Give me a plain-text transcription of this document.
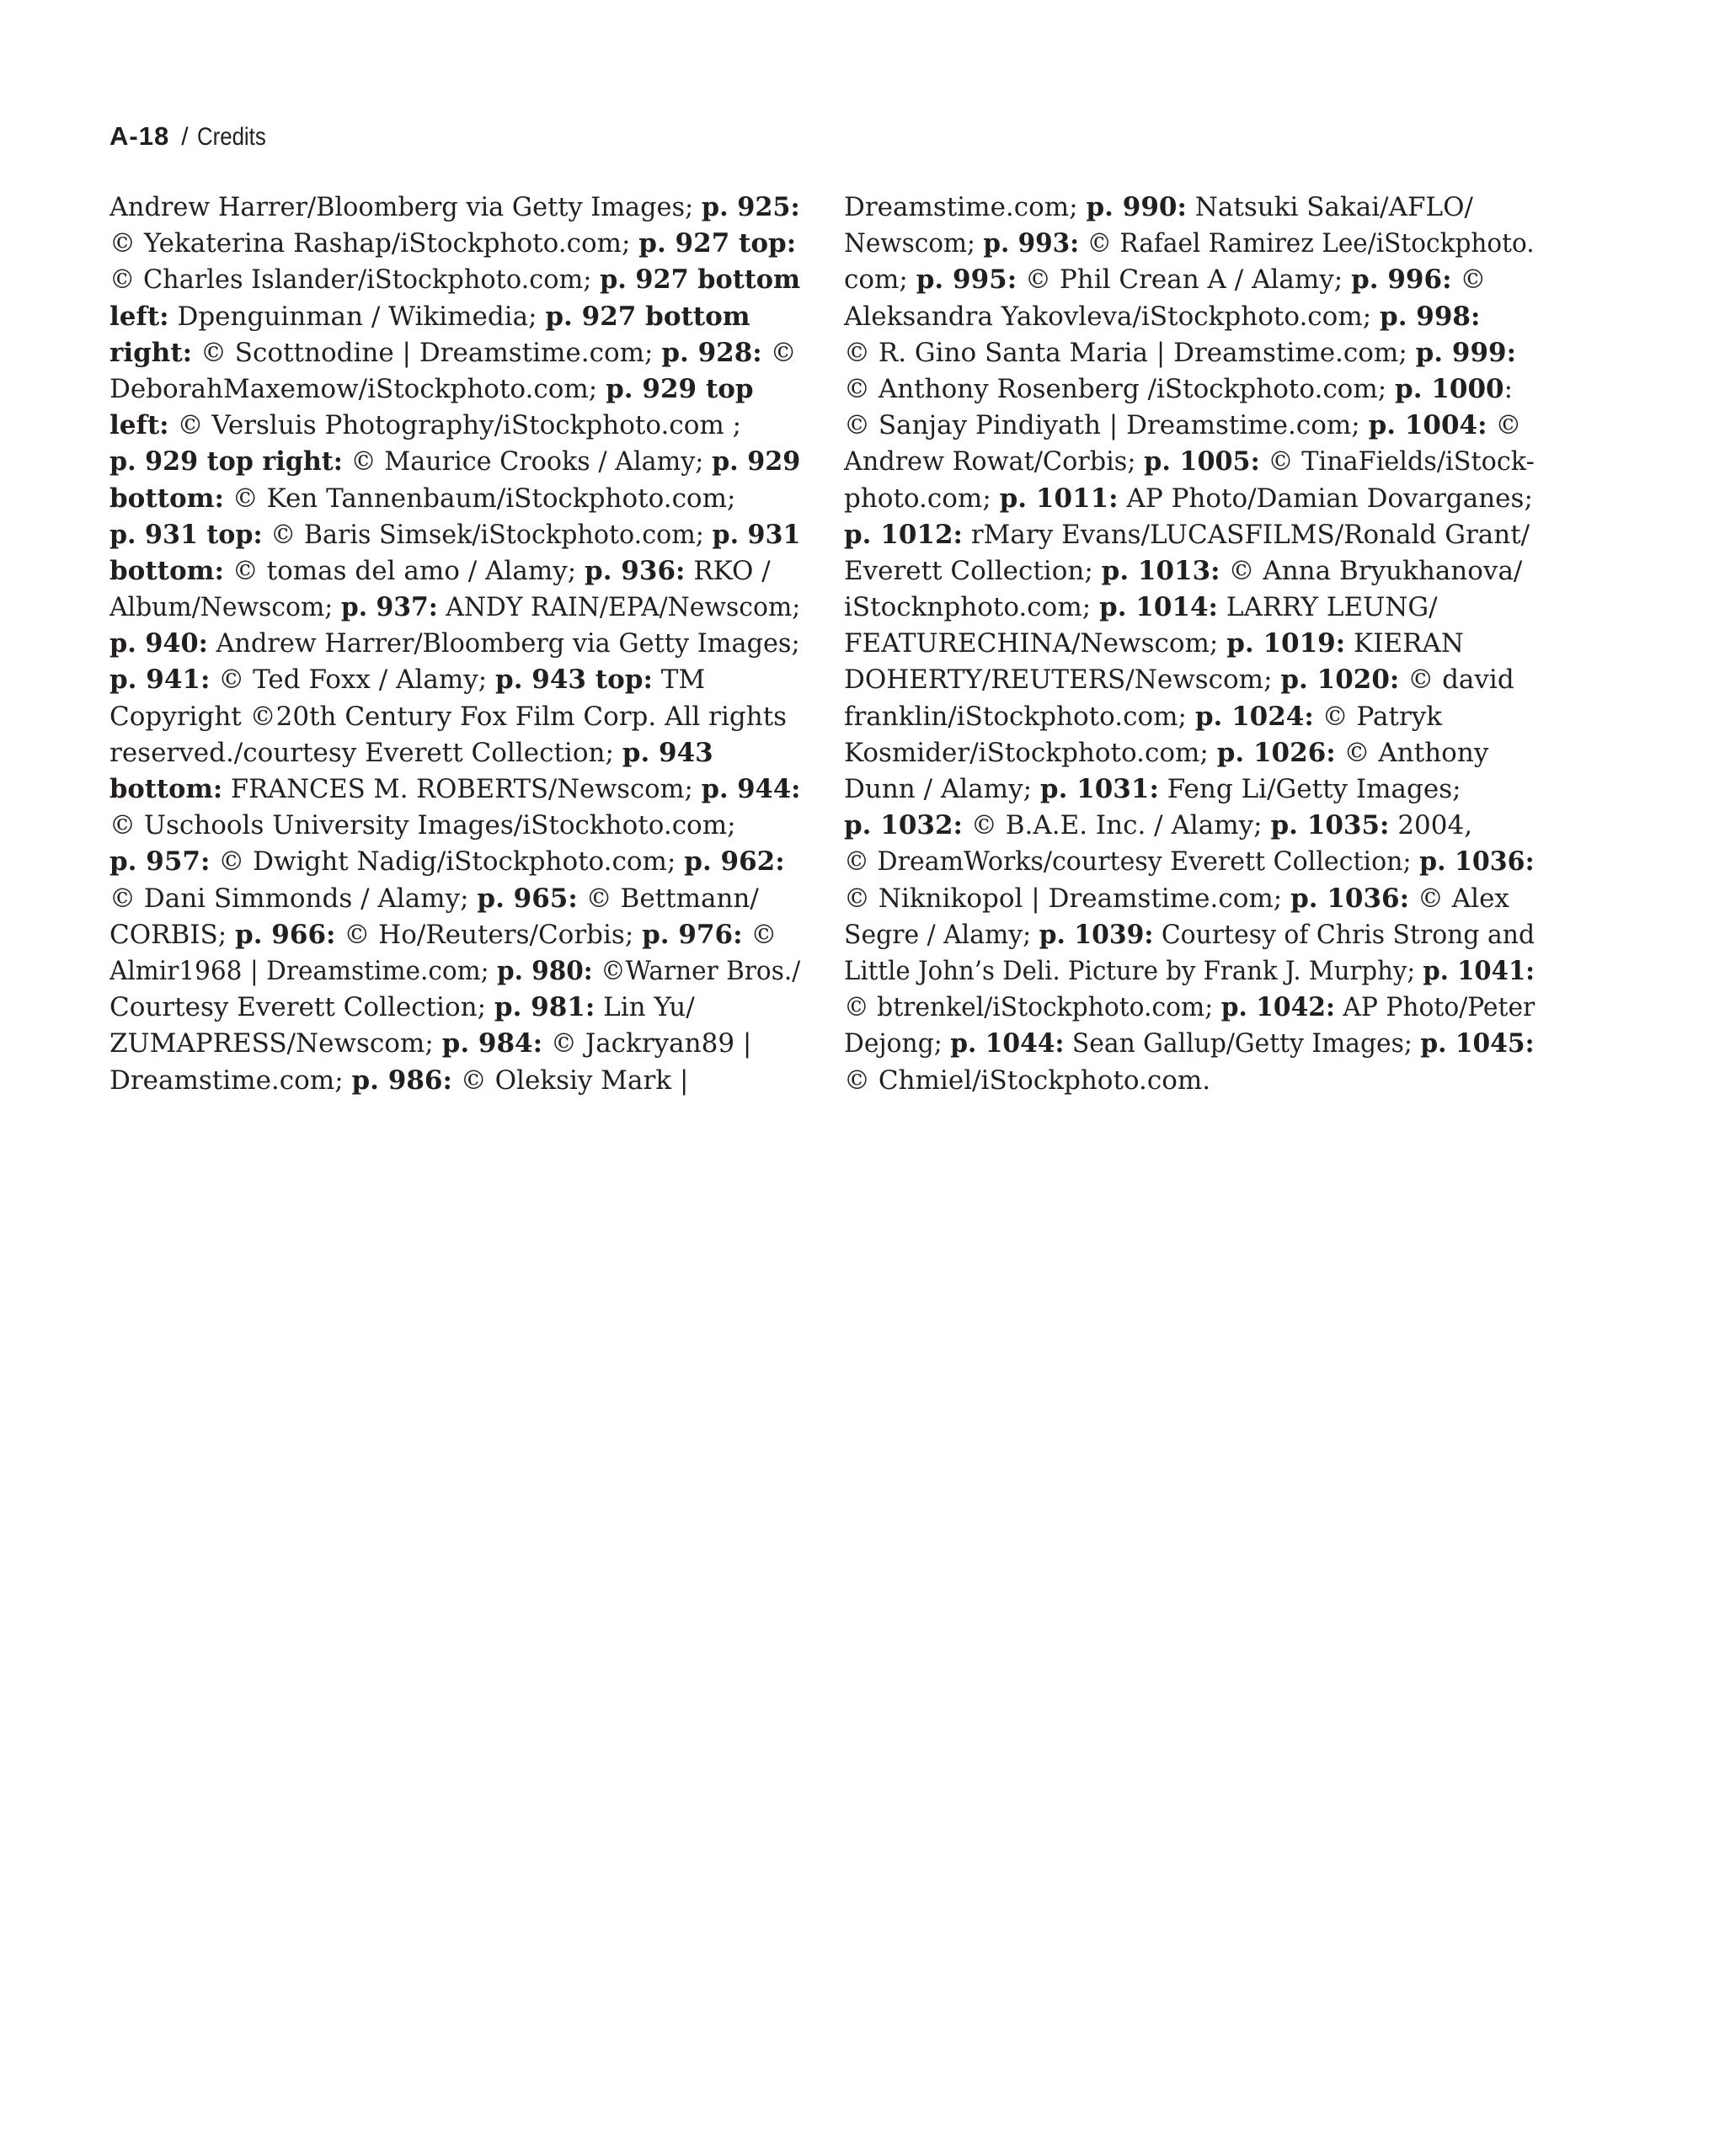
A-18 / Credits
Andrew Harrer/Bloomberg via Getty Images; p. 925:
© Yekaterina Rashap/iStockphoto.com; p. 927 top:
© Charles Islander/iStockphoto.com; p. 927 bottom
left: Dpenguinman / Wikimedia; p. 927 bottom
right: © Scottnodine | Dreamstime.com; p. 928: ©
DeborahMaxemow/iStockphoto.com; p. 929 top
left: © Versluis Photography/iStockphoto.com ;
p. 929 top right: © Maurice Crooks / Alamy; p. 929
bottom: © Ken Tannenbaum/iStockphoto.com;
p. 931 top: © Baris Simsek/iStockphoto.com; p. 931
bottom: © tomas del amo / Alamy; p. 936: RKO /
Album/Newscom; p. 937: ANDY RAIN/EPA/Newscom;
p. 940: Andrew Harrer/Bloomberg via Getty Images;
p. 941: © Ted Foxx / Alamy; p. 943 top: TM
Copyright ©20th Century Fox Film Corp. All rights
reserved./courtesy Everett Collection; p. 943
bottom: FRANCES M. ROBERTS/Newscom; p. 944:
© Uschools University Images/iStockhoto.com;
p. 957: © Dwight Nadig/iStockphoto.com; p. 962:
© Dani Simmonds / Alamy; p. 965: © Bettmann/
CORBIS; p. 966: © Ho/Reuters/Corbis; p. 976: ©
Almir1968 | Dreamstime.com; p. 980: ©Warner Bros./
Courtesy Everett Collection; p. 981: Lin Yu/
ZUMAPRESS/Newscom; p. 984: © Jackryan89 |
Dreamstime.com; p. 986: © Oleksiy Mark |
Dreamstime.com; p. 990: Natsuki Sakai/AFLO/
Newscom; p. 993: © Rafael Ramirez Lee/iStockphoto.
com; p. 995: © Phil Crean A / Alamy; p. 996: ©
Aleksandra Yakovleva/iStockphoto.com; p. 998:
© R. Gino Santa Maria | Dreamstime.com; p. 999:
© Anthony Rosenberg /iStockphoto.com; p. 1000:
© Sanjay Pindiyath | Dreamstime.com; p. 1004: ©
Andrew Rowat/Corbis; p. 1005: © TinaFields/iStock-
photo.com; p. 1011: AP Photo/Damian Dovarganes;
p. 1012: rMary Evans/LUCASFILMS/Ronald Grant/
Everett Collection; p. 1013: © Anna Bryukhanova/
iStocknphoto.com; p. 1014: LARRY LEUNG/
FEATURECHINA/Newscom; p. 1019: KIERAN
DOHERTY/REUTERS/Newscom; p. 1020: © david
franklin/iStockphoto.com; p. 1024: © Patryk
Kosmider/iStockphoto.com; p. 1026: © Anthony
Dunn / Alamy; p. 1031: Feng Li/Getty Images;
p. 1032: © B.A.E. Inc. / Alamy; p. 1035: 2004,
© DreamWorks/courtesy Everett Collection; p. 1036:
© Niknikopol | Dreamstime.com; p. 1036: © Alex
Segre / Alamy; p. 1039: Courtesy of Chris Strong and
Little John’s Deli. Picture by Frank J. Murphy; p. 1041:
© btrenkel/iStockphoto.com; p. 1042: AP Photo/Peter
Dejong; p. 1044: Sean Gallup/Getty Images; p. 1045:
© Chmiel/iStockphoto.com.
